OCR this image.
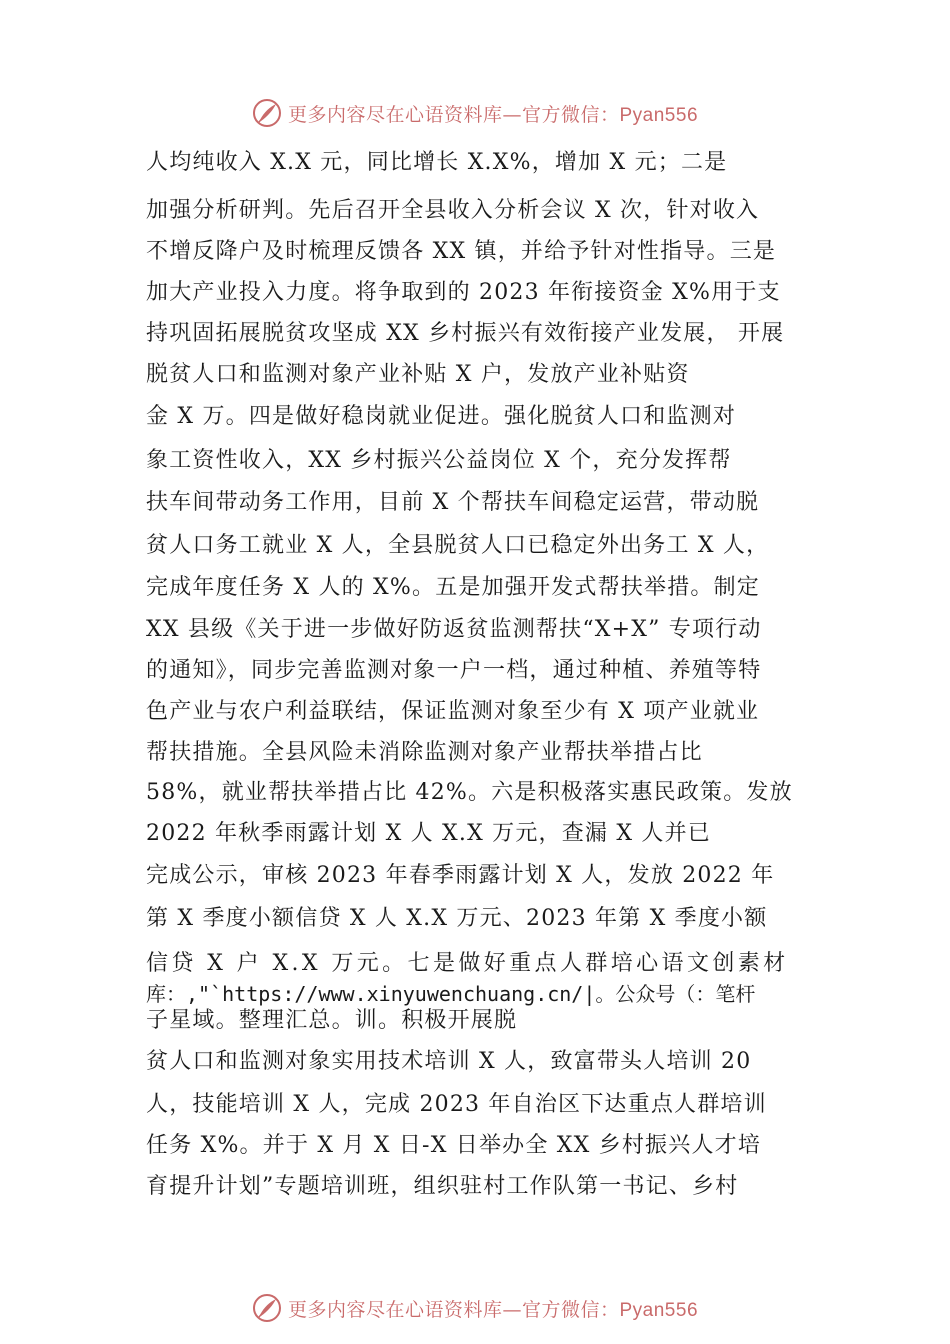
更多内容尽在心语资料库—官方微信：Pyan556
人均纯收入 X.X 元，同比增长 X.X%，增加 X 元；二是
加强分析研判。先后召开全县收入分析会议 X 次，针对收入
不增反降户及时梳理反馈各 XX 镇，并给予针对性指导。三是
加大产业投入力度。将争取到的 2023 年衔接资金 X%用于支
持巩固拓展脱贫攻坚成 XX 乡村振兴有效衔接产业发展， 开展
脱贫人口和监测对象产业补贴 X 户，发放产业补贴资
金 X 万。四是做好稳岗就业促进。强化脱贫人口和监测对
象工资性收入，XX 乡村振兴公益岗位 X 个，充分发挥帮
扶车间带动务工作用，目前 X 个帮扶车间稳定运营，带动脱
贫人口务工就业 X 人，全县脱贫人口已稳定外出务工 X 人，
完成年度任务 X 人的 X%。五是加强开发式帮扶举措。制定
XX 县级《关于进一步做好防返贫监测帮扶“X+X” 专项行动
的通知》，同步完善监测对象一户一档，通过种植、养殖等特
色产业与农户利益联结，保证监测对象至少有 X 项产业就业
帮扶措施。全县风险未消除监测对象产业帮扶举措占比
58%，就业帮扶举措占比 42%。六是积极落实惠民政策。发放
2022 年秋季雨露计划 X 人 X.X 万元，查漏 X 人并已
完成公示，审核 2023 年春季雨露计划 X 人，发放 2022 年
第 X 季度小额信贷 X 人 X.X 万元、2023 年第 X 季度小额
信贷 X 户 X.X 万元。七是做好重点人群培心语文创素材
库：,"`https://www.xinyuwenchuang.cn/|。公众号（：笔杆
子星域。整理汇总。训。积极开展脱
贫人口和监测对象实用技术培训 X 人，致富带头人培训 20
人，技能培训 X 人，完成 2023 年自治区下达重点人群培训
任务 X%。并于 X 月 X 日-X 日举办全 XX 乡村振兴人才培
育提升计划”专题培训班，组织驻村工作队第一书记、乡村
更多内容尽在心语资料库—官方微信：Pyan556
